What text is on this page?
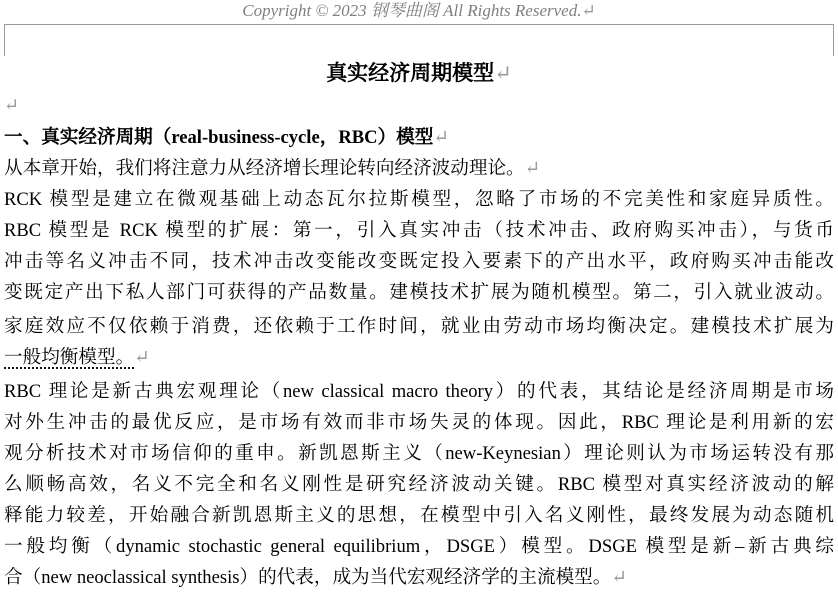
Copyright © 2023 钢琴曲阁 All Rights Reserved.↵
真实经济周期模型↵
↵
一、真实经济周期（real-business-cycle，RBC）模型↵
从本章开始，我们将注意力从经济增长理论转向经济波动理论。↵
RCK 模型是建立在微观基础上动态瓦尔拉斯模型，忽略了市场的不完美性和家庭异质性。
RBC 模型是 RCK 模型的扩展：第一，引入真实冲击（技术冲击、政府购买冲击），与货币
冲击等名义冲击不同，技术冲击改变能改变既定投入要素下的产出水平，政府购买冲击能改
变既定产出下私人部门可获得的产品数量。建模技术扩展为随机模型。第二，引入就业波动。
家庭效应不仅依赖于消费，还依赖于工作时间，就业由劳动市场均衡决定。建模技术扩展为
一般均衡模型。↵
RBC 理论是新古典宏观理论（new classical macro theory）的代表，其结论是经济周期是市场
对外生冲击的最优反应，是市场有效而非市场失灵的体现。因此，RBC 理论是利用新的宏
观分析技术对市场信仰的重申。新凯恩斯主义（new-Keynesian）理论则认为市场运转没有那
么顺畅高效，名义不完全和名义刚性是研究经济波动关键。RBC 模型对真实经济波动的解
释能力较差，开始融合新凯恩斯主义的思想，在模型中引入名义刚性，最终发展为动态随机
一般均衡（dynamic stochastic general equilibrium，DSGE）模型。DSGE 模型是新–新古典综
合（new neoclassical synthesis）的代表，成为当代宏观经济学的主流模型。↵
